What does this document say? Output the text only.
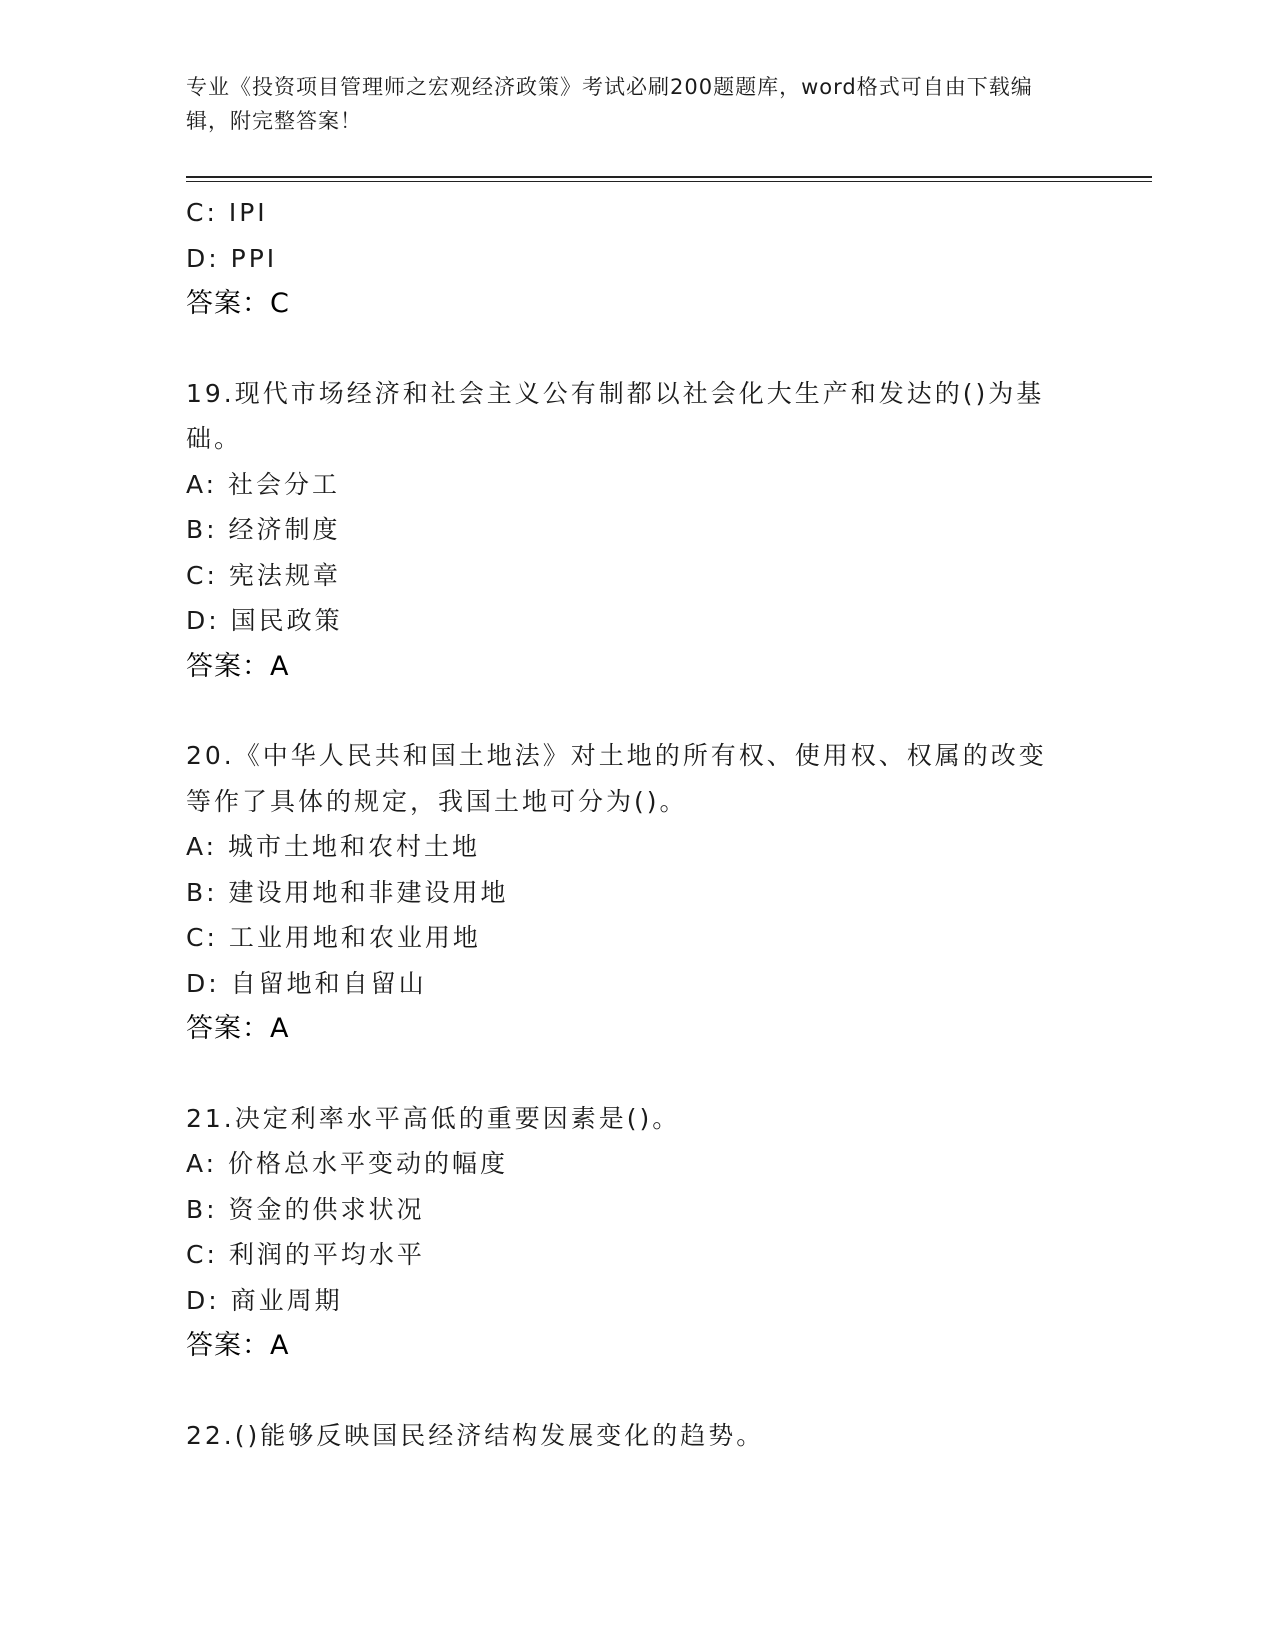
专业《投资项目管理师之宏观经济政策》考试必刷200题题库，word格式可自由下载编辑，附完整答案！
C: IPI
D: PPI
答案：C
19.现代市场经济和社会主义公有制都以社会化大生产和发达的()为基础。
A: 社会分工
B: 经济制度
C: 宪法规章
D: 国民政策
答案：A
20.《中华人民共和国土地法》对土地的所有权、使用权、权属的改变等作了具体的规定，我国土地可分为()。
A: 城市土地和农村土地
B: 建设用地和非建设用地
C: 工业用地和农业用地
D: 自留地和自留山
答案：A
21.决定利率水平高低的重要因素是()。
A: 价格总水平变动的幅度
B: 资金的供求状况
C: 利润的平均水平
D: 商业周期
答案：A
22.()能够反映国民经济结构发展变化的趋势。
